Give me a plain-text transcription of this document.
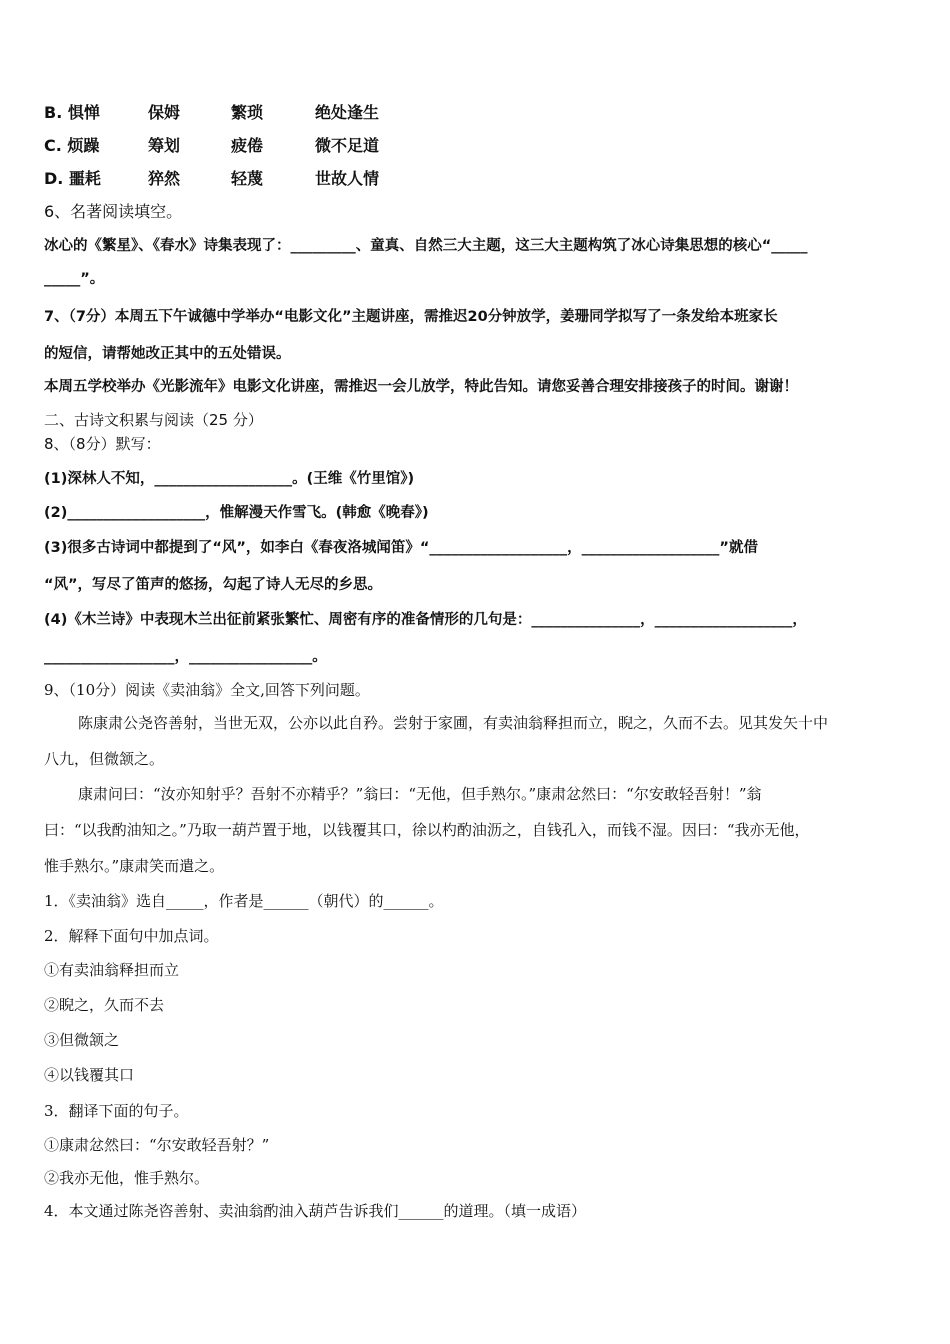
B. 惧惮	保姆	繁琐	绝处逢生
C. 烦躁	筹划	疲倦	微不足道
D. 噩耗	猝然	轻蔑	世故人情
6、名著阅读填空。
冰心的《繁星》、《春水》诗集表现了：_________、童真、自然三大主题，这三大主题构筑了冰心诗集思想的核心“_____
_____”。
7、（7分）本周五下午诚德中学举办“电影文化”主题讲座，需推迟20分钟放学，姜珊同学拟写了一条发给本班家长
的短信，请帮她改正其中的五处错误。
本周五学校举办《光影流年》电影文化讲座，需推迟一会儿放学，特此告知。请您妥善合理安排接孩子的时间。谢谢！
二、古诗文积累与阅读（25 分）
8、（8分）默写：
(1)深林人不知，___________________。(王维《竹里馆》)
(2)___________________，惟解漫天作雪飞。(韩愈《晚春》)
(3)很多古诗词中都提到了“风”，如李白《春夜洛城闻笛》“___________________，___________________”就借
“风”，写尽了笛声的悠扬，勾起了诗人无尽的乡思。
(4)《木兰诗》中表现木兰出征前紧张繁忙、周密有序的准备情形的几句是：_______________，___________________，
__________________，_________________。
9、（10分）阅读《卖油翁》全文,回答下列问题。
陈康肃公尧咨善射，当世无双，公亦以此自矜。尝射于家圃，有卖油翁释担而立，睨之，久而不去。见其发矢十中
八九，但微颔之。
康肃问曰：“汝亦知射乎？吾射不亦精乎？”翁曰：“无他，但手熟尔。”康肃忿然曰：“尔安敢轻吾射！”翁
曰：“以我酌油知之。”乃取一葫芦置于地，以钱覆其口，徐以杓酌油沥之，自钱孔入，而钱不湿。因曰：“我亦无他，
惟手熟尔。”康肃笑而遣之。
1．《卖油翁》选自_____，作者是______（朝代）的______。
2．解释下面句中加点词。
①有卖油翁释担而立
②睨之，久而不去
③但微颔之
④以钱覆其口
3．翻译下面的句子。
①康肃忿然曰：“尔安敢轻吾射？”
②我亦无他，惟手熟尔。
4．本文通过陈尧咨善射、卖油翁酌油入葫芦告诉我们______的道理。（填一成语）
